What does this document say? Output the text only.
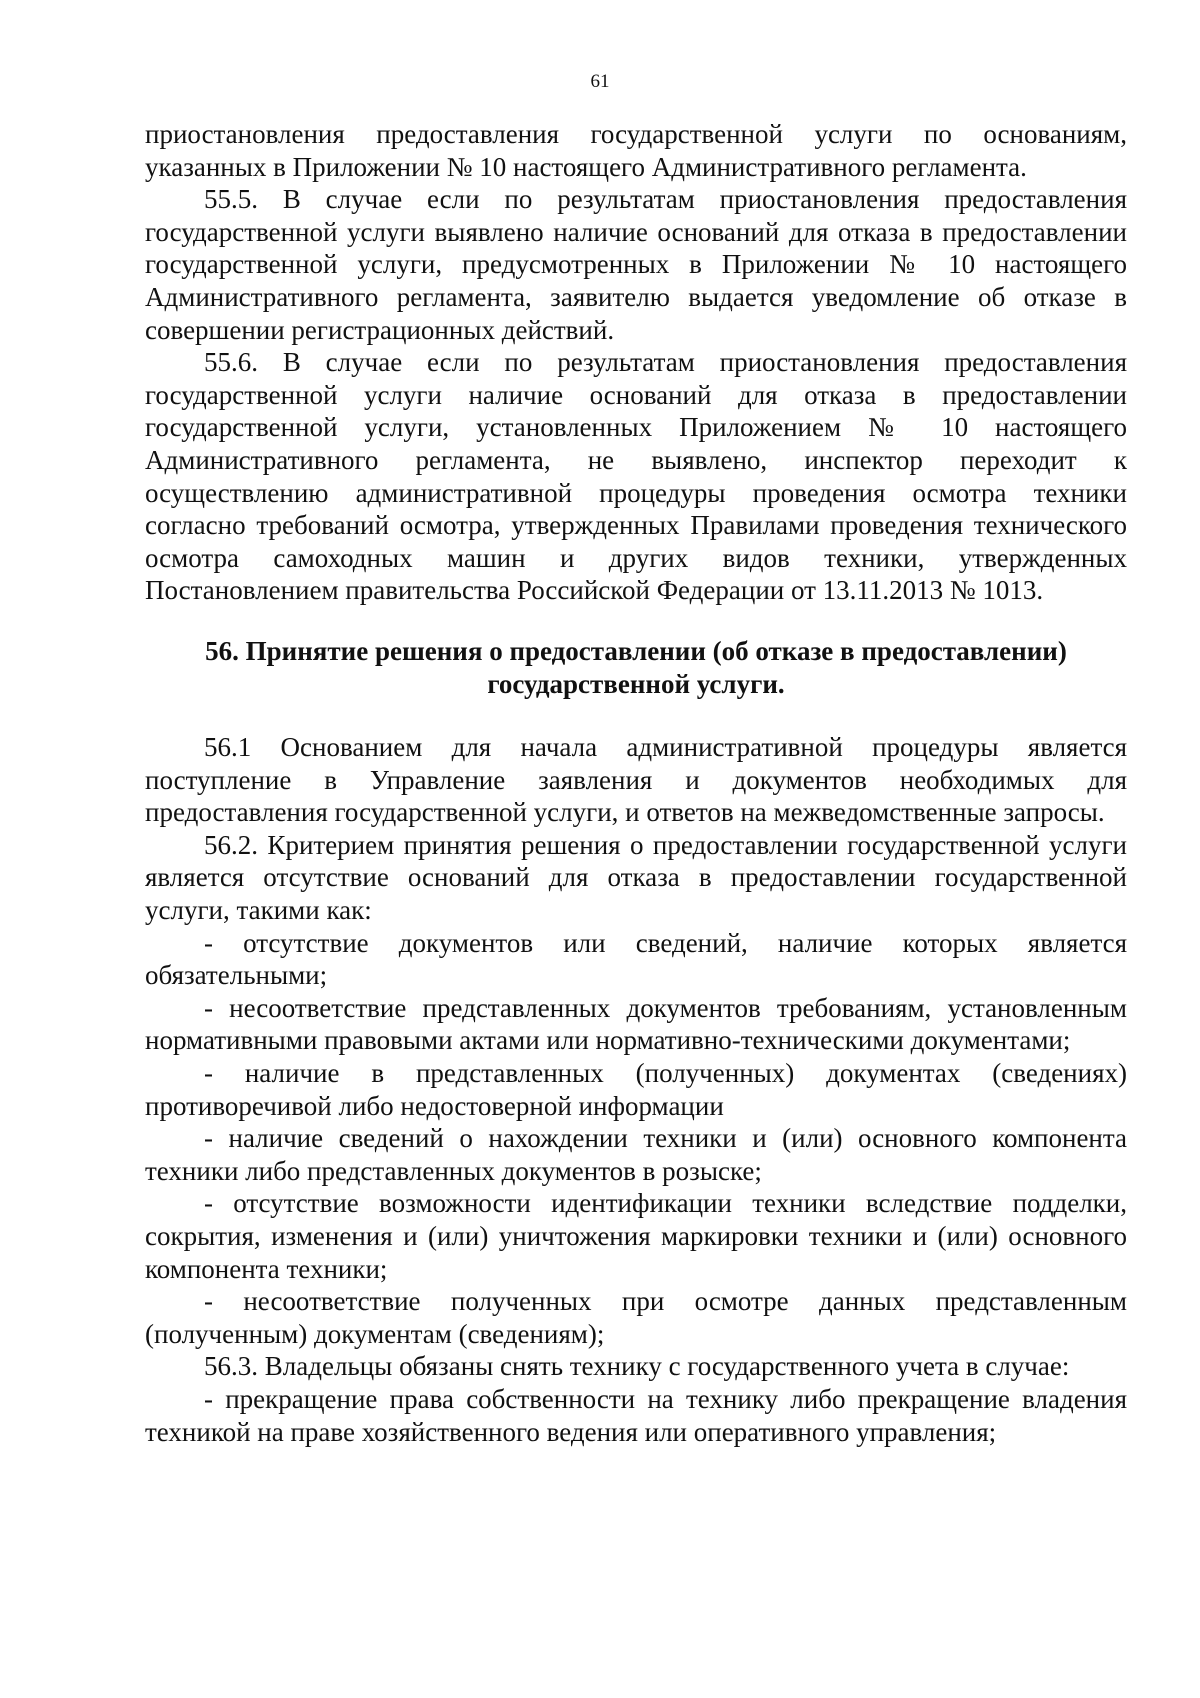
61

приостановления предоставления государственной услуги по основаниям, указанных в Приложении № 10 настоящего Административного регламента.

55.5. В случае если по результатам приостановления предоставления государственной услуги выявлено наличие оснований для отказа в предоставлении государственной услуги, предусмотренных в Приложении № 10 настоящего Административного регламента, заявителю выдается уведомление об отказе в совершении регистрационных действий.

55.6. В случае если по результатам приостановления предоставления государственной услуги наличие оснований для отказа в предоставлении государственной услуги, установленных Приложением № 10 настоящего Административного регламента, не выявлено, инспектор переходит к осуществлению административной процедуры проведения осмотра техники согласно требований осмотра, утвержденных Правилами проведения технического осмотра самоходных машин и других видов техники, утвержденных Постановлением правительства Российской Федерации от 13.11.2013 № 1013.

56. Принятие решения о предоставлении (об отказе в предоставлении)
государственной услуги.

56.1 Основанием для начала административной процедуры является поступление в Управление заявления и документов необходимых для предоставления государственной услуги, и ответов на межведомственные запросы.

56.2. Критерием принятия решения о предоставлении государственной услуги является отсутствие оснований для отказа в предоставлении государственной услуги, такими как:

- отсутствие документов или сведений, наличие которых является обязательными;

- несоответствие представленных документов требованиям, установленным нормативными правовыми актами или нормативно-техническими документами;

- наличие в представленных (полученных) документах (сведениях) противоречивой либо недостоверной информации

- наличие сведений о нахождении техники и (или) основного компонента техники либо представленных документов в розыске;

- отсутствие возможности идентификации техники вследствие подделки, сокрытия, изменения и (или) уничтожения маркировки техники и (или) основного компонента техники;

- несоответствие полученных при осмотре данных представленным (полученным) документам (сведениям);

56.3. Владельцы обязаны снять технику с государственного учета в случае:

- прекращение права собственности на технику либо прекращение владения техникой на праве хозяйственного ведения или оперативного управления;
